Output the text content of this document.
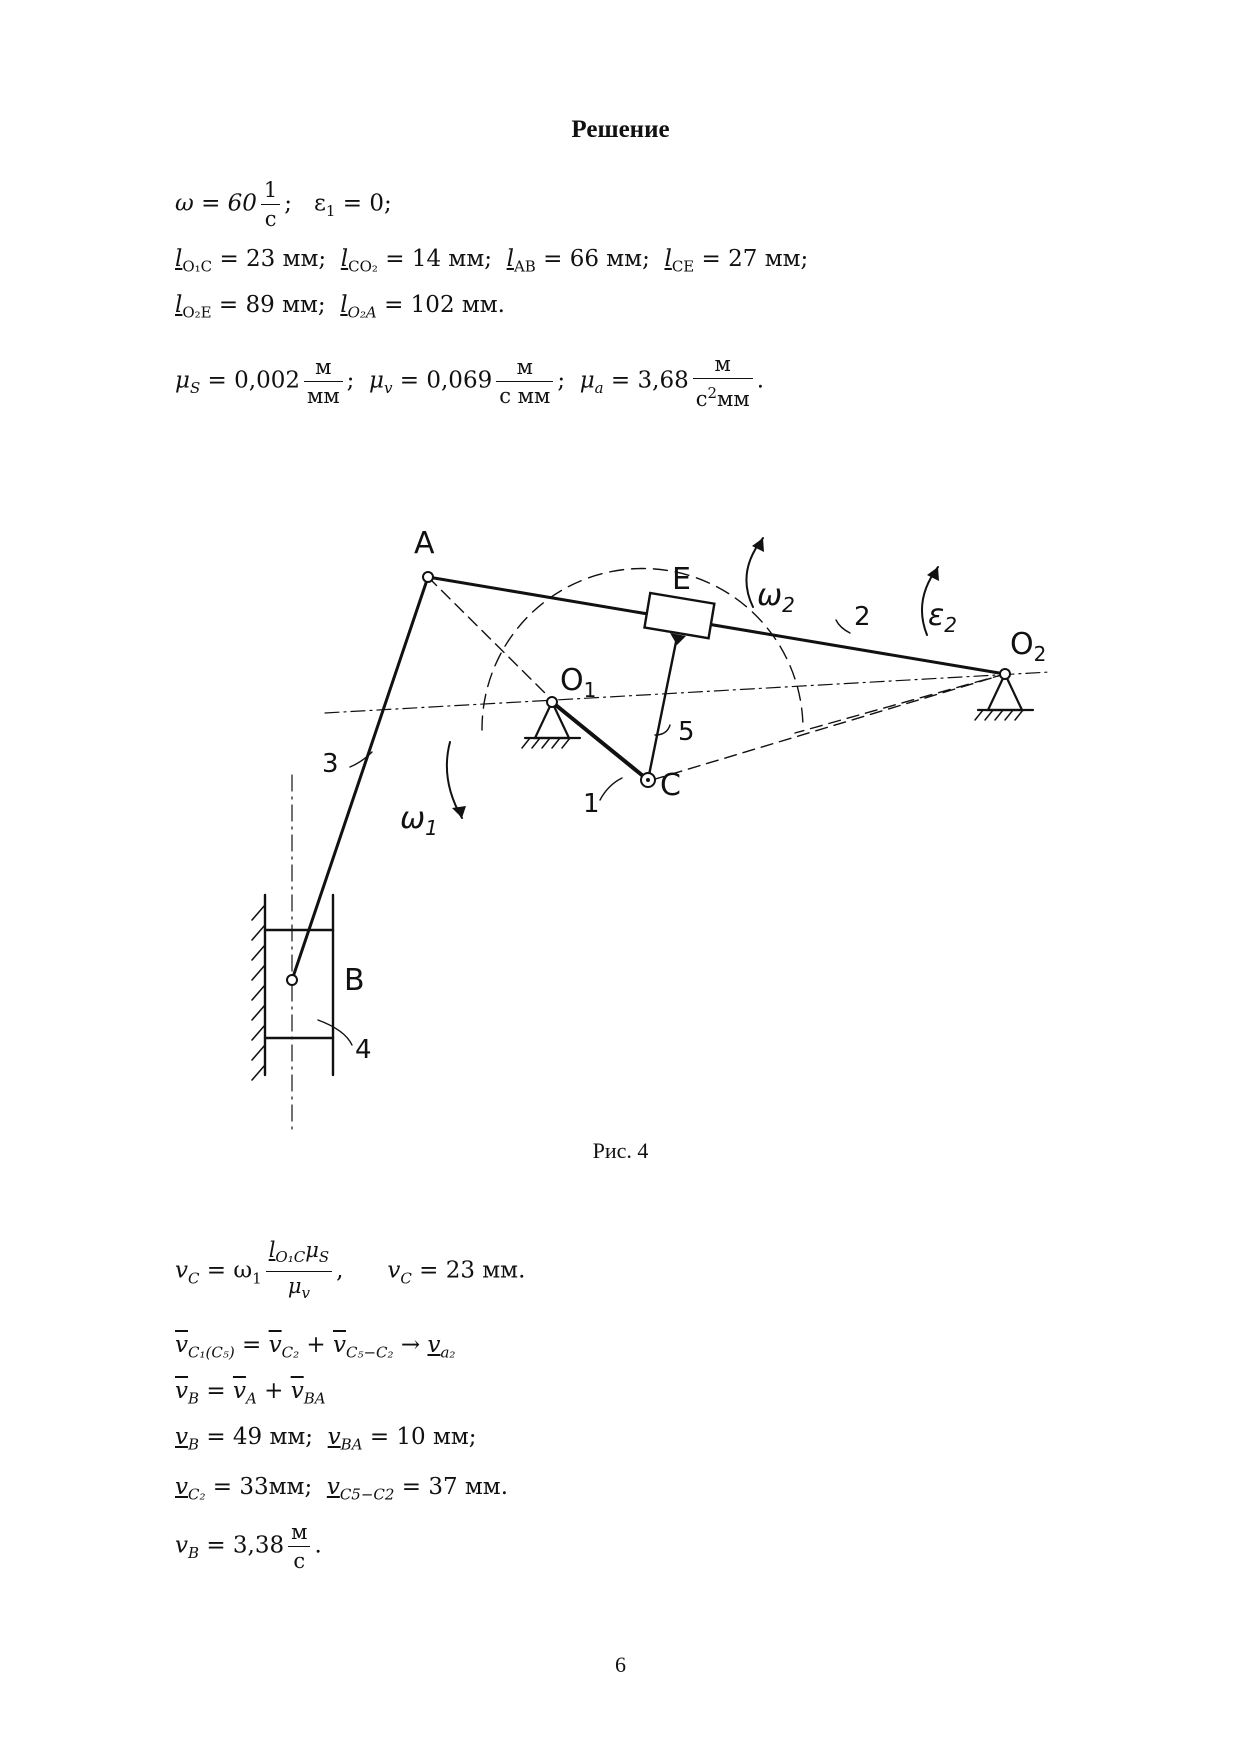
Решение
$\omega = 60 \frac{1}{с}$ ; $\varepsilon_1 = 0$;
$l_{O_1C} = 23$ мм; $l_{CO_2} = 14$ мм; $l_{AB} = 66$ мм; $l_{CE} = 27$ мм;
$l_{O_2E} = 89$ мм; $l_{O_2A} = 102$ мм.
$\mu_S = 0,002 \frac{м}{мм}$ ; $\mu_v = 0,069 \frac{м}{\text{с мм}}$ ; $\mu_a = 3,68 \frac{м}{с^2мм}$ .
A
E
$O_1$
$O_2$
C
B
1
2
3
4
5
$\omega_1$
$\omega_2$	$\varepsilon_2$
Рис. 4
$v_C = \omega_1 \frac{l_{O_1C}\mu_S}{\mu_v}$ , $v_C = 23$ мм.
$\overline{v}_{C_1(C_5)} = \overline{v}_{C_2} + \overline{v}_{C_5-C_2} \to v_{a_2}$
$\overline{v}_B = \overline{v}_A + \overline{v}_{BA}$
$v_B = 49$ мм; $v_{BA} = 10$ мм;
$v_{C_2} = 33мм$; $v_{C5-C2} = 37$ мм.
$v_B = 3,38 \frac{м}{с}$ .
6
